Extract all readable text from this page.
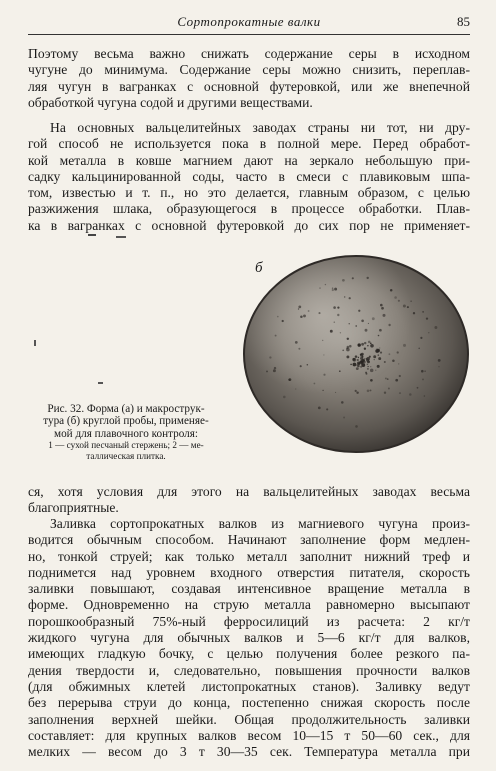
Сортопрокатные валки	85
Поэтому весьма важно снижать содержание серы в исходном
чугуне до минимума. Содержание серы можно снизить, переплав-
ляя чугун в вагранках с основной футеровкой, или же внепечной
обработкой чугуна содой и другими веществами.
На основных вальцелитейных заводах страны ни тот, ни дру-
гой способ не используется пока в полной мере. Перед обработ-
кой металла в ковше магнием дают на зеркало небольшую при-
садку кальцинированной соды, часто в смеси с плавиковым шпа-
том, известью и т. п., но это делается, главным образом, с целью
разжижения шлака, образующегося в процессе обработки. Плав-
ка в вагранках с основной футеровкой до сих пор не применяет-
б
Рис. 32. Форма (а) и макрострук-
тура (б) круглой пробы, применяе-
мой для плавочного контроля:
1 — сухой песчаный стержень; 2 — ме-
таллическая плитка.
ся, хотя условия для этого на вальцелитейных заводах весьма
благоприятные.
Заливка сортопрокатных валков из магниевого чугуна произ-
водится обычным способом. Начинают заполнение форм медлен-
но, тонкой струей; как только металл заполнит нижний треф и
поднимется над уровнем входного отверстия питателя, скорость
заливки повышают, создавая интенсивное вращение металла в
форме. Одновременно на струю металла равномерно высыпают
порошкообразный 75%-ный ферросилиций из расчета: 2 кг/т
жидкого чугуна для обычных валков и 5—6 кг/т для валков,
имеющих гладкую бочку, с целью получения более резкого па-
дения твердости и, следовательно, повышения прочности валков
(для обжимных клетей листопрокатных станов). Заливку ведут
без перерыва струи до конца, постепенно снижая скорость после
заполнения верхней шейки. Общая продолжительность заливки
составляет: для крупных валков весом 10—15 т 50—60 сек., для
мелких — весом до 3 т 30—35 сек. Температура металла при
